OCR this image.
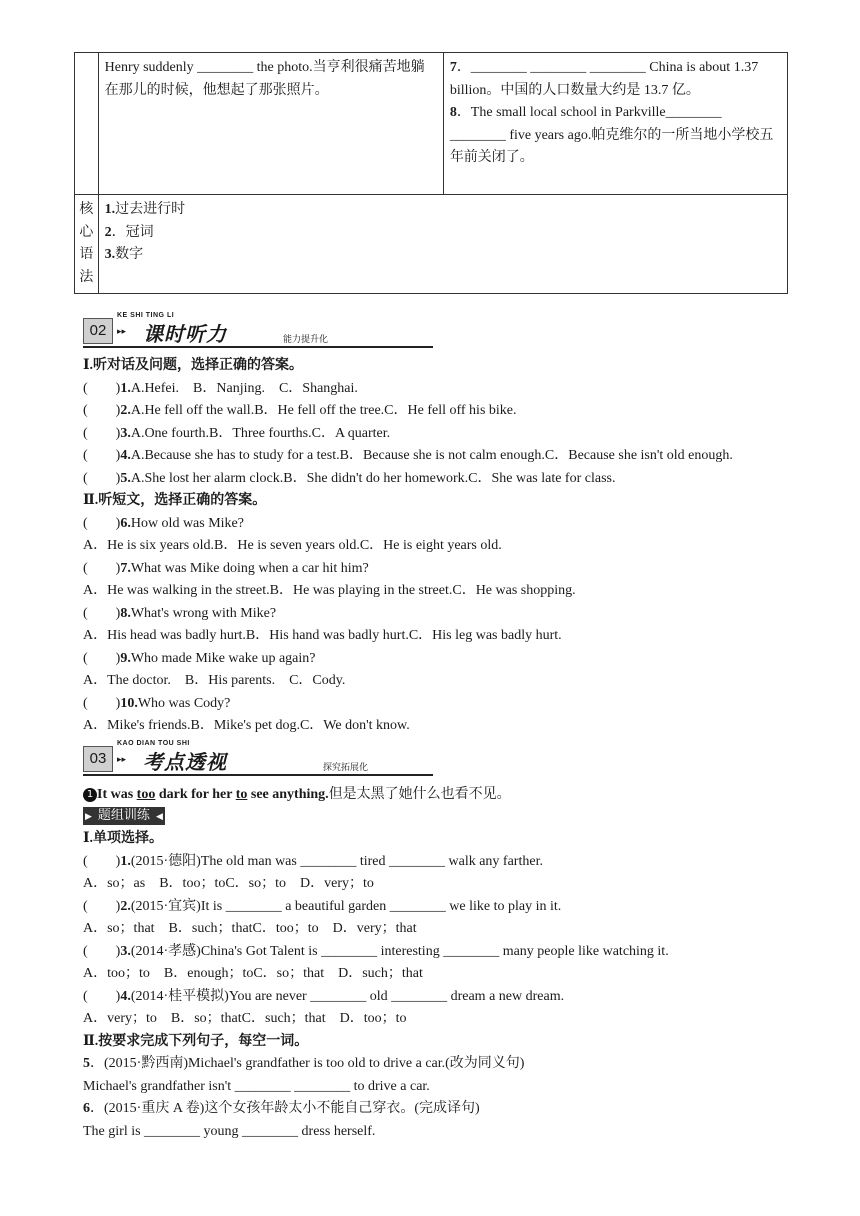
	Henry suddenly ________ the photo.当亨利很痛苦地躺在那儿的时候，他想起了那张照片。	7．________ ________ ________ China is about 1.37 billion。中国的人口数量大约是 13.7 亿。
8．The small local school in Parkville________ ________ five years ago.帕克维尔的一所当地小学校五年前关闭了。

核心语法	1.过去进行时
2．冠词
3.数字	
KE SHI TING LI
02	▸▸ 课时听力	能力提升化
Ⅰ.听对话及问题，选择正确的答案。
(　　)1.A.Hefei.　B．Nanjing.　C．Shanghai.
(　　)2.A.He fell off the wall.B．He fell off the tree.C．He fell off his bike.
(　　)3.A.One fourth.B．Three fourths.C．A quarter.
(　　)4.A.Because she has to study for a test.B．Because she is not calm enough.C．Because she isn't old enough.
(　　)5.A.She lost her alarm clock.B．She didn't do her homework.C．She was late for class.
Ⅱ.听短文，选择正确的答案。
(　　)6.How old was Mike?
A．He is six years old.B．He is seven years old.C．He is eight years old.
(　　)7.What was Mike doing when a car hit him?
A．He was walking in the street.B．He was playing in the street.C．He was shopping.
(　　)8.What's wrong with Mike?
A．His head was badly hurt.B．His hand was badly hurt.C．His leg was badly hurt.
(　　)9.Who made Mike wake up again?
A．The doctor.　B．His parents.　C．Cody.
(　　)10.Who was Cody?
A．Mike's friends.B．Mike's pet dog.C．We don't know.
KAO DIAN TOU SHI
03	▸▸ 考点透视	探究拓展化
1 It was too dark for her to see anything.但是太黑了她什么也看不见。
▶ 题组训练 ◀
Ⅰ.单项选择。
(　　)1.(2015·德阳)The old man was ________ tired ________ walk any farther.
A．so；as　B．too；toC．so；to　D．very；to
(　　)2.(2015·宜宾)It is ________ a beautiful garden ________ we like to play in it.
A．so；that　B．such；thatC．too；to　D．very；that
(　　)3.(2014·孝感)China's Got Talent is ________ interesting ________ many people like watching it.
A．too；to　B．enough；toC．so；that　D．such；that
(　　)4.(2014·桂平模拟)You are never ________ old ________ dream a new dream.
A．very；to　B．so；thatC．such；that　D．too；to
Ⅱ.按要求完成下列句子，每空一词。
5．(2015·黔西南)Michael's grandfather is too old to drive a car.(改为同义句)
Michael's grandfather isn't ________ ________ to drive a car.
6．(2015·重庆 A 卷)这个女孩年龄太小不能自己穿衣。(完成译句)
The girl is ________ young ________ dress herself.
